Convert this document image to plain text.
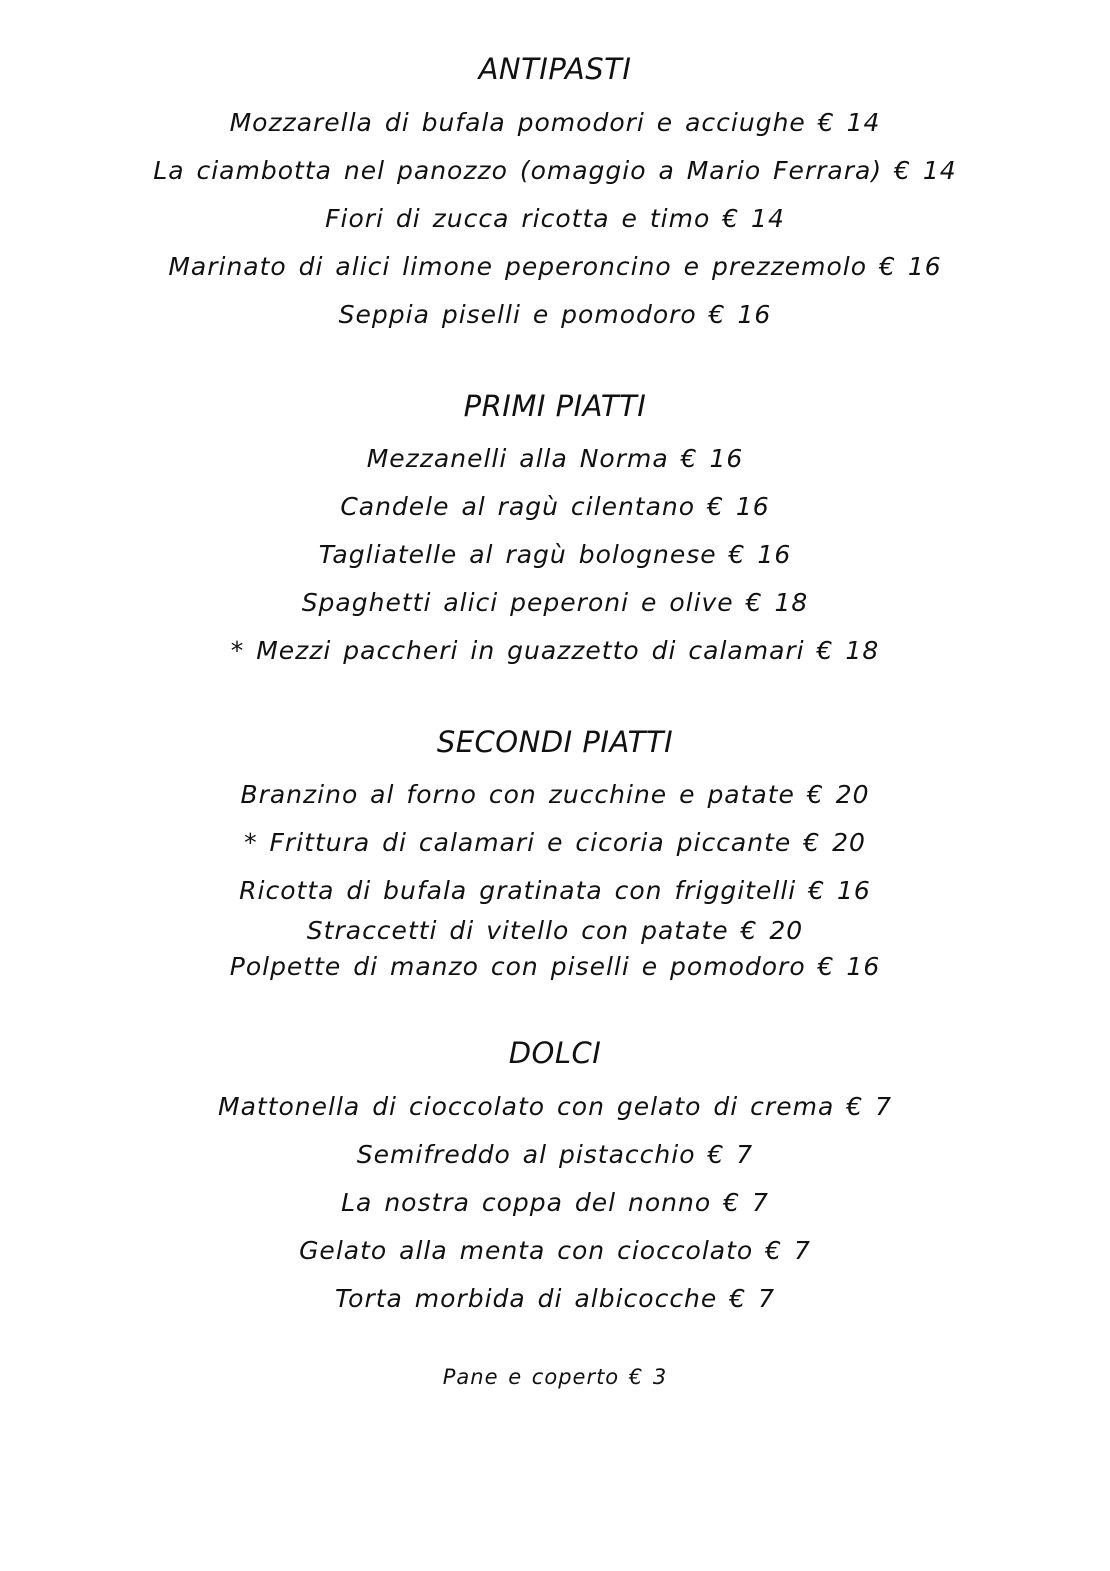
ANTIPASTI
Mozzarella di bufala pomodori e acciughe € 14
La ciambotta nel panozzo (omaggio a Mario Ferrara) € 14
Fiori di zucca ricotta e timo € 14
Marinato di alici limone peperoncino e prezzemolo € 16
Seppia piselli e pomodoro € 16
PRIMI PIATTI
Mezzanelli alla Norma € 16
Candele al ragù cilentano € 16
Tagliatelle al ragù bolognese € 16
Spaghetti alici peperoni e olive € 18
* Mezzi paccheri in guazzetto di calamari € 18
SECONDI PIATTI
Branzino al forno con zucchine e patate € 20
* Frittura di calamari e cicoria piccante € 20
Ricotta di bufala gratinata con friggitelli € 16
Straccetti di vitello con patate € 20
Polpette di manzo con piselli e pomodoro € 16
DOLCI
Mattonella di cioccolato con gelato di crema € 7
Semifreddo al pistacchio € 7
La nostra coppa del nonno € 7
Gelato alla menta con cioccolato € 7
Torta morbida di albicocche € 7
Pane e coperto € 3
